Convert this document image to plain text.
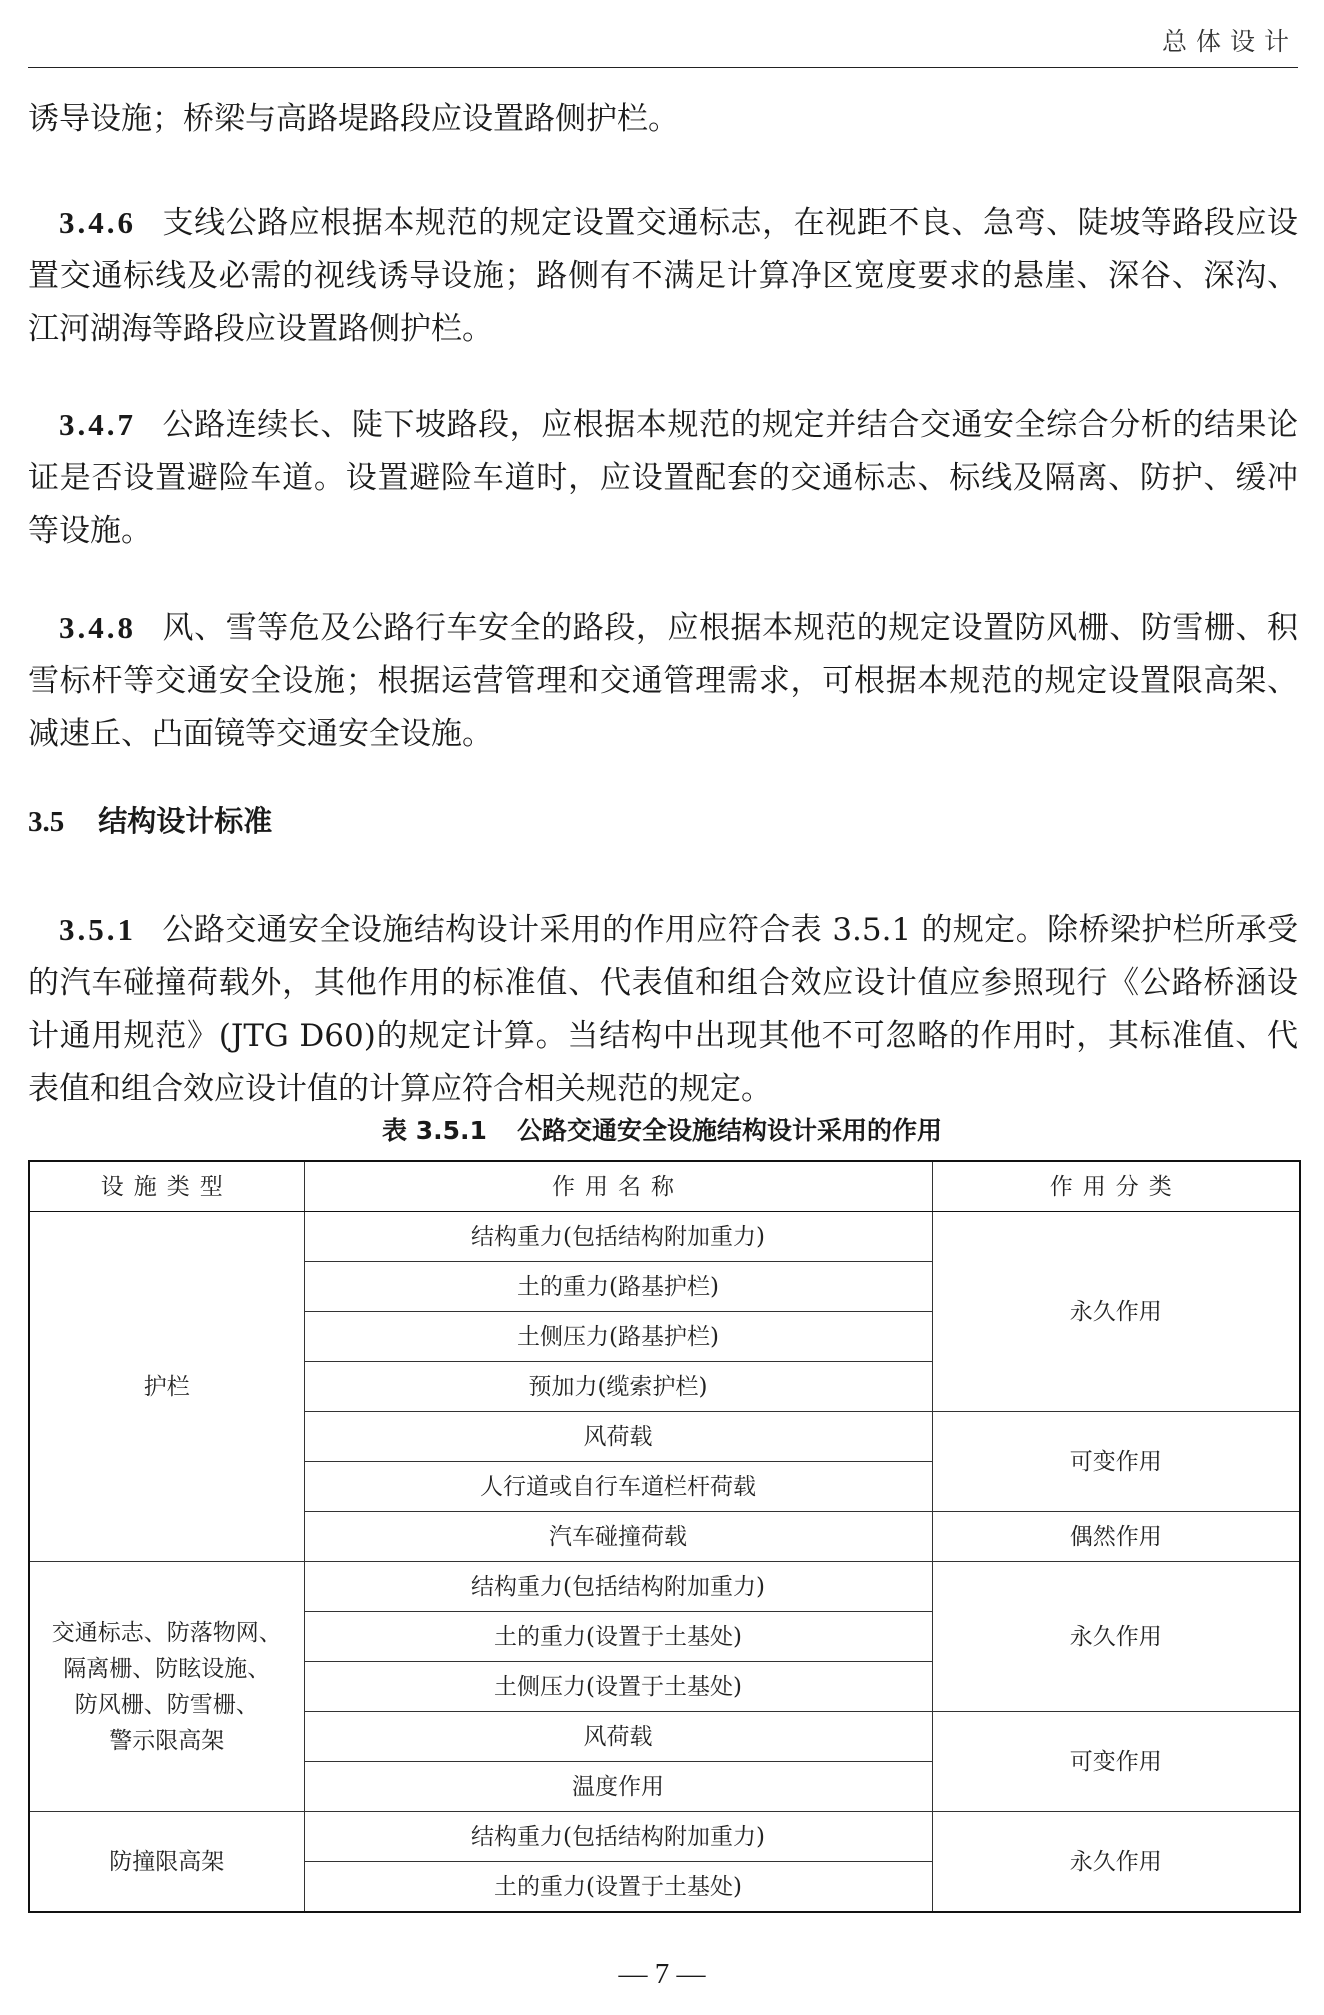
总体设计

诱导设施；桥梁与高路堤路段应设置路侧护栏。

3.4.6 支线公路应根据本规范的规定设置交通标志，在视距不良、急弯、陡坡等路段应设置交通标线及必需的视线诱导设施；路侧有不满足计算净区宽度要求的悬崖、深谷、深沟、江河湖海等路段应设置路侧护栏。

3.4.7 公路连续长、陡下坡路段，应根据本规范的规定并结合交通安全综合分析的结果论证是否设置避险车道。设置避险车道时，应设置配套的交通标志、标线及隔离、防护、缓冲等设施。

3.4.8 风、雪等危及公路行车安全的路段，应根据本规范的规定设置防风栅、防雪栅、积雪标杆等交通安全设施；根据运营管理和交通管理需求，可根据本规范的规定设置限高架、减速丘、凸面镜等交通安全设施。

3.5 结构设计标准

3.5.1 公路交通安全设施结构设计采用的作用应符合表 3.5.1 的规定。除桥梁护栏所承受的汽车碰撞荷载外，其他作用的标准值、代表值和组合效应设计值应参照现行《公路桥涵设计通用规范》(JTG D60)的规定计算。当结构中出现其他不可忽略的作用时，其标准值、代表值和组合效应设计值的计算应符合相关规范的规定。

表 3.5.1 公路交通安全设施结构设计采用的作用

设施类型	作用名称	作用分类
护栏	结构重力(包括结构附加重力)	永久作用
	土的重力(路基护栏)	
	土侧压力(路基护栏)	
	预加力(缆索护栏)	
	风荷载	可变作用
	人行道或自行车道栏杆荷载	
	汽车碰撞荷载	偶然作用

交通标志、防落物网、
隔离栅、防眩设施、
防风栅、防雪栅、
警示限高架	结构重力(包括结构附加重力)	永久作用
	土的重力(设置于土基处)	
	土侧压力(设置于土基处)	
	风荷载	可变作用
	温度作用	
防撞限高架	结构重力(包括结构附加重力)	永久作用
	土的重力(设置于土基处)	
— 7 —
